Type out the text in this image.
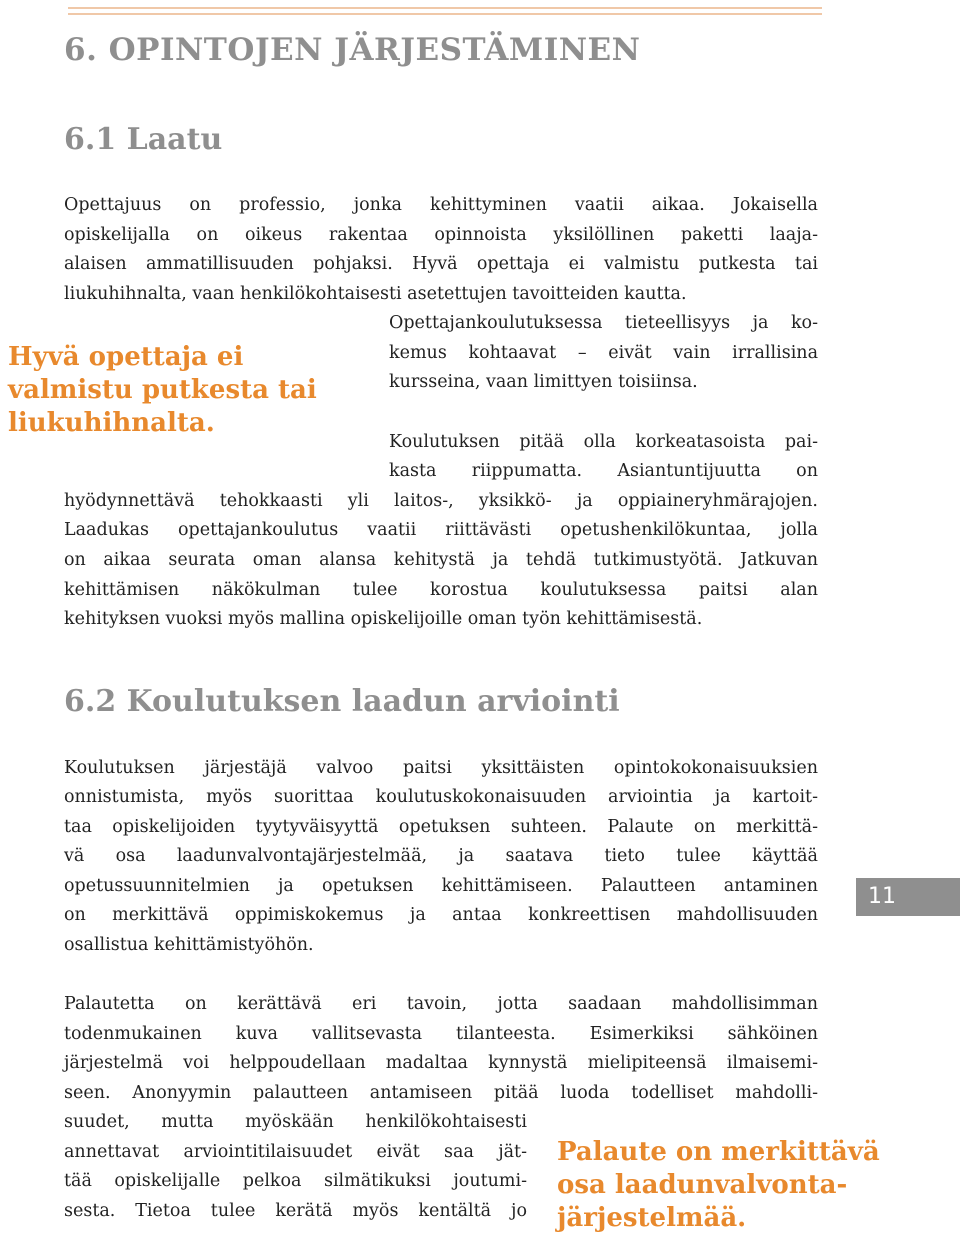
6. OPINTOJEN JÄRJESTÄMINEN
6.1 Laatu
Opettajuus on professio, jonka kehittyminen vaatii aikaa. Jokaisella
opiskelijalla on oikeus rakentaa opinnoista yksilöllinen paketti laaja-
alaisen ammatillisuuden pohjaksi. Hyvä opettaja ei valmistu putkesta tai
liukuhihnalta, vaan henkilökohtaisesti asetettujen tavoitteiden kautta.
Opettajankoulutuksessa tieteellisyys ja ko-
kemus kohtaavat – eivät vain irrallisina
kursseina, vaan limittyen toisiinsa.
Hyvä opettaja ei
valmistu putkesta tai
liukuhihnalta.
Koulutuksen pitää olla korkeatasoista pai-
kasta riippumatta. Asiantuntijuutta on
hyödynnettävä tehokkaasti yli laitos-, yksikkö- ja oppiaineryhmärajojen.
Laadukas opettajankoulutus vaatii riittävästi opetushenkilökuntaa, jolla
on aikaa seurata oman alansa kehitystä ja tehdä tutkimustyötä. Jatkuvan
kehittämisen näkökulman tulee korostua koulutuksessa paitsi alan
kehityksen vuoksi myös mallina opiskelijoille oman työn kehittämisestä.
6.2 Koulutuksen laadun arviointi
Koulutuksen järjestäjä valvoo paitsi yksittäisten opintokokonaisuuksien
onnistumista, myös suorittaa koulutuskokonaisuuden arviointia ja kartoit-
taa opiskelijoiden tyytyväisyyttä opetuksen suhteen. Palaute on merkittä-
vä osa laadunvalvontajärjestelmää, ja saatava tieto tulee käyttää
opetussuunnitelmien ja opetuksen kehittämiseen. Palautteen antaminen
on merkittävä oppimiskokemus ja antaa konkreettisen mahdollisuuden
osallistua kehittämistyöhön.
11
Palautetta on kerättävä eri tavoin, jotta saadaan mahdollisimman
todenmukainen kuva vallitsevasta tilanteesta. Esimerkiksi sähköinen
järjestelmä voi helppoudellaan madaltaa kynnystä mielipiteensä ilmaisemi-
seen. Anonyymin palautteen antamiseen pitää luoda todelliset mahdolli-
suudet, mutta myöskään henkilökohtaisesti
annettavat arviointitilaisuudet eivät saa jät-
tää opiskelijalle pelkoa silmätikuksi joutumi-
sesta. Tietoa tulee kerätä myös kentältä jo
Palaute on merkittävä
osa laadunvalvonta-
järjestelmää.
